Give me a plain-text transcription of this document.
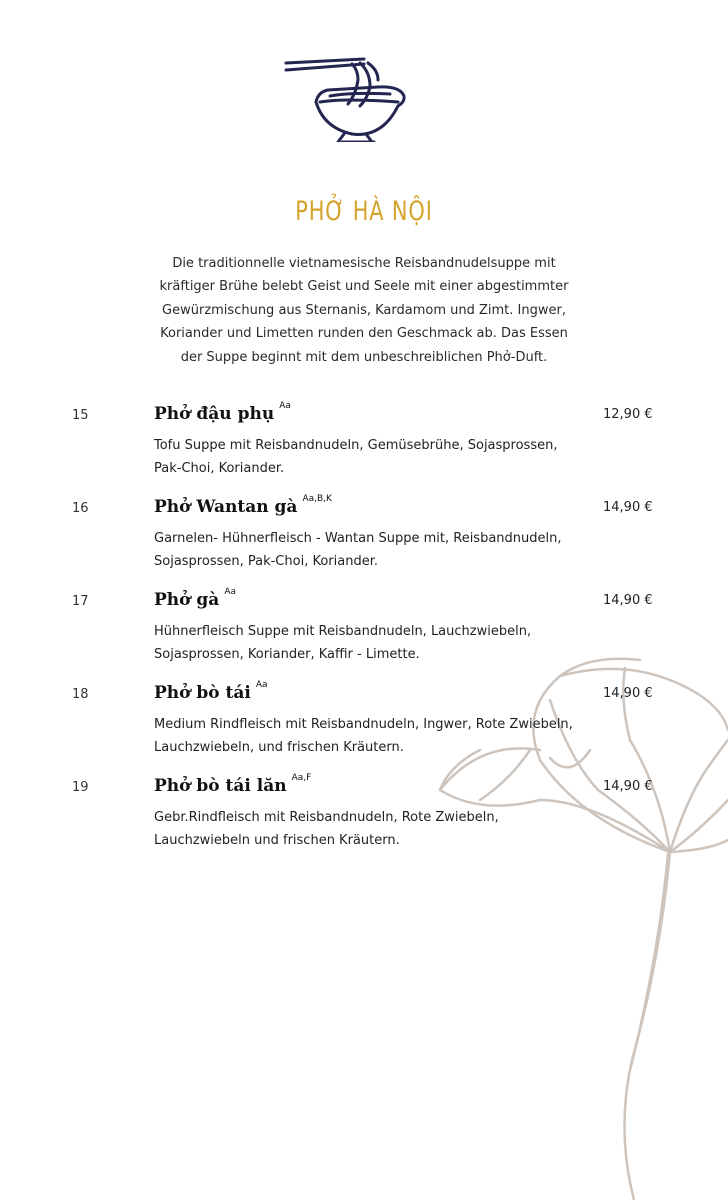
PHỞ HÀ NỘI
Die traditionnelle vietnamesische Reisbandnudelsuppe mit
kräftiger Brühe belebt Geist und Seele mit einer abgestimmter
Gewürzmischung aus Sternanis, Kardamom und Zimt. Ingwer,
Koriander und Limetten runden den Geschmack ab. Das Essen
der Suppe beginnt mit dem unbeschreiblichen Phở-Duft.
15	Phở đậu phụ $^{Aa}$
12,90 €
Tofu Suppe mit Reisbandnudeln, Gemüsebrühe, Sojasprossen,
Pak-Choi, Koriander.
16	Phở Wantan gà $^{Aa,B,K}$
14,90 €
Garnelen- Hühnerfleisch - Wantan Suppe mit, Reisbandnudeln,
Sojasprossen, Pak-Choi, Koriander.
17	Phở gà $^{Aa}$
14,90 €
Hühnerfleisch Suppe mit Reisbandnudeln, Lauchzwiebeln,
Sojasprossen, Koriander, Kaffir - Limette.
18	Phở bò tái $^{Aa}$
14,90 €
Medium Rindfleisch mit Reisbandnudeln, Ingwer, Rote Zwiebeln,
Lauchzwiebeln, und frischen Kräutern.
19	Phở bò tái lăn $^{Aa,F}$
14,90 €
Gebr.Rindfleisch mit Reisbandnudeln, Rote Zwiebeln,
Lauchzwiebeln und frischen Kräutern.
